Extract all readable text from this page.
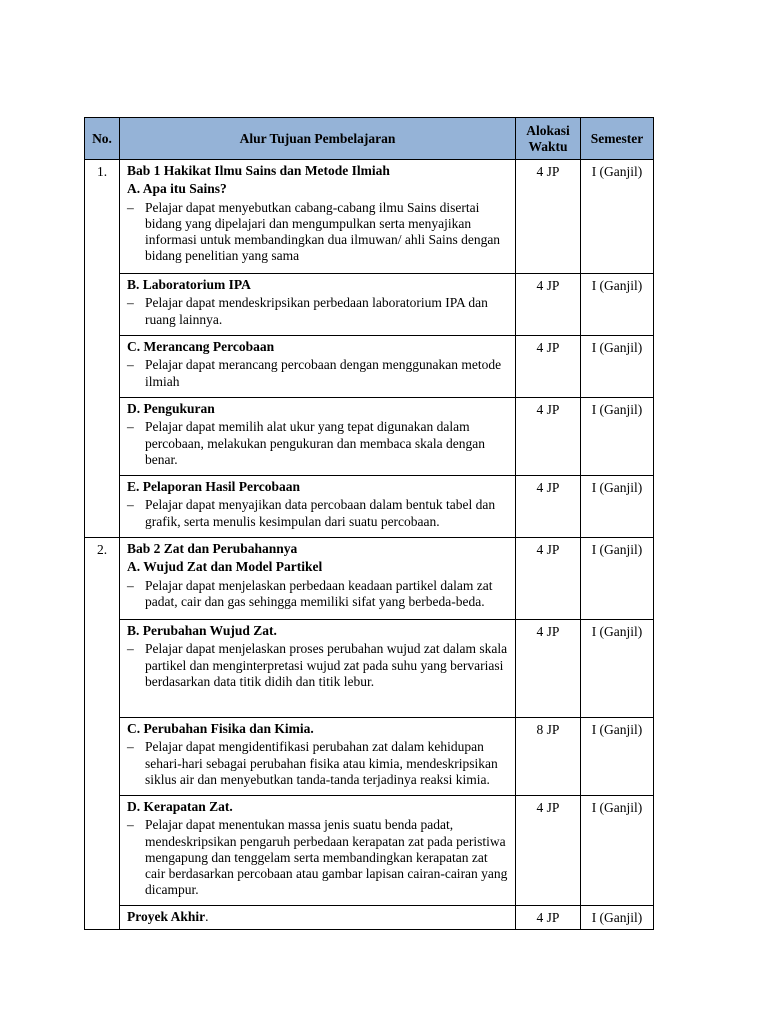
No.	Alur Tujuan Pembelajaran	Alokasi
Waktu	Semester
1.	Bab 1 Hakikat Ilmu Sains dan Metode Ilmiah
A. Apa itu Sains?
– Pelajar dapat menyebutkan cabang-cabang ilmu Sains disertai bidang yang dipelajari dan mengumpulkan serta menyajikan informasi untuk membandingkan dua ilmuwan/ ahli Sains dengan bidang penelitian yang sama	4 JP	I (Ganjil)

	B. Laboratorium IPA
– Pelajar dapat mendeskripsikan perbedaan laboratorium IPA dan ruang lainnya.	4 JP	I (Ganjil)

	C. Merancang Percobaan
– Pelajar dapat merancang percobaan dengan menggunakan metode ilmiah	4 JP	I (Ganjil)

	D. Pengukuran
– Pelajar dapat memilih alat ukur yang tepat digunakan dalam percobaan, melakukan pengukuran dan membaca skala dengan benar.	4 JP	I (Ganjil)

	E. Pelaporan Hasil Percobaan
– Pelajar dapat menyajikan data percobaan dalam bentuk tabel dan grafik, serta menulis kesimpulan dari suatu percobaan.	4 JP	I (Ganjil)
2.	Bab 2 Zat dan Perubahannya
A. Wujud Zat dan Model Partikel
– Pelajar dapat menjelaskan perbedaan keadaan partikel dalam zat padat, cair dan gas sehingga memiliki sifat yang berbeda-beda.	4 JP	I (Ganjil)

	B. Perubahan Wujud Zat.
– Pelajar dapat menjelaskan proses perubahan wujud zat dalam skala partikel dan menginterpretasi wujud zat pada suhu yang bervariasi berdasarkan data titik didih dan titik lebur.	4 JP	I (Ganjil)

	C. Perubahan Fisika dan Kimia.
– Pelajar dapat mengidentifikasi perubahan zat dalam kehidupan sehari-hari sebagai perubahan fisika atau kimia, mendeskripsikan siklus air dan menyebutkan tanda-tanda terjadinya reaksi kimia.	8 JP	I (Ganjil)

	D. Kerapatan Zat.
– Pelajar dapat menentukan massa jenis suatu benda padat, mendeskripsikan pengaruh perbedaan kerapatan zat pada peristiwa mengapung dan tenggelam serta membandingkan kerapatan zat cair berdasarkan percobaan atau gambar lapisan cairan-cairan yang dicampur.	4 JP	I (Ganjil)
	Proyek Akhir.	4 JP	I (Ganjil)
